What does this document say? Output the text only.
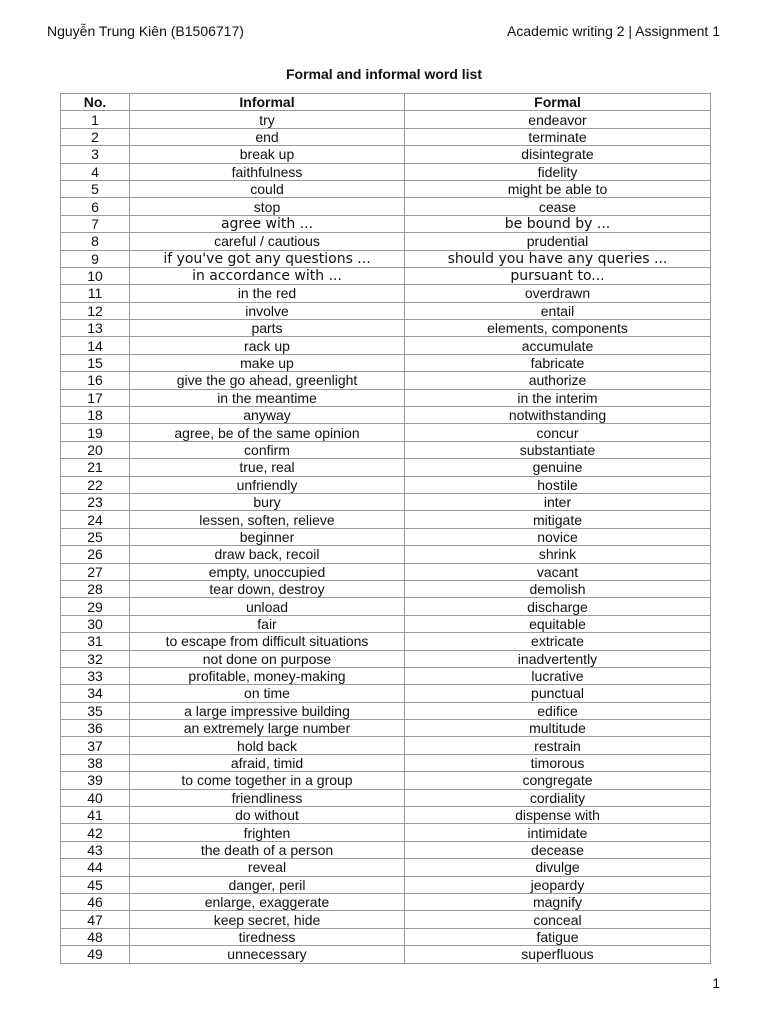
Nguyễn Trung Kiên (B1506717)	Academic writing 2 | Assignment 1
Formal and informal word list
No.	Informal	Formal
1	try	endeavor
2	end	terminate
3	break up	disintegrate
4	faithfulness	fidelity
5	could	might be able to
6	stop	cease
7	agree with ...	be bound by ...
8	careful / cautious	prudential
9	if you've got any questions ...	should you have any queries ...
10	in accordance with ...	pursuant to...
11	in the red	overdrawn
12	involve	entail
13	parts	elements, components
14	rack up	accumulate
15	make up	fabricate
16	give the go ahead, greenlight	authorize
17	in the meantime	in the interim
18	anyway	notwithstanding
19	agree, be of the same opinion	concur
20	confirm	substantiate
21	true, real	genuine
22	unfriendly	hostile
23	bury	inter
24	lessen, soften, relieve	mitigate
25	beginner	novice
26	draw back, recoil	shrink
27	empty, unoccupied	vacant
28	tear down, destroy	demolish
29	unload	discharge
30	fair	equitable
31	to escape from difficult situations	extricate
32	not done on purpose	inadvertently
33	profitable, money-making	lucrative
34	on time	punctual
35	a large impressive building	edifice
36	an extremely large number	multitude
37	hold back	restrain
38	afraid, timid	timorous
39	to come together in a group	congregate
40	friendliness	cordiality
41	do without	dispense with
42	frighten	intimidate
43	the death of a person	decease
44	reveal	divulge
45	danger, peril	jeopardy
46	enlarge, exaggerate	magnify
47	keep secret, hide	conceal
48	tiredness	fatigue
49	unnecessary	superfluous
1
